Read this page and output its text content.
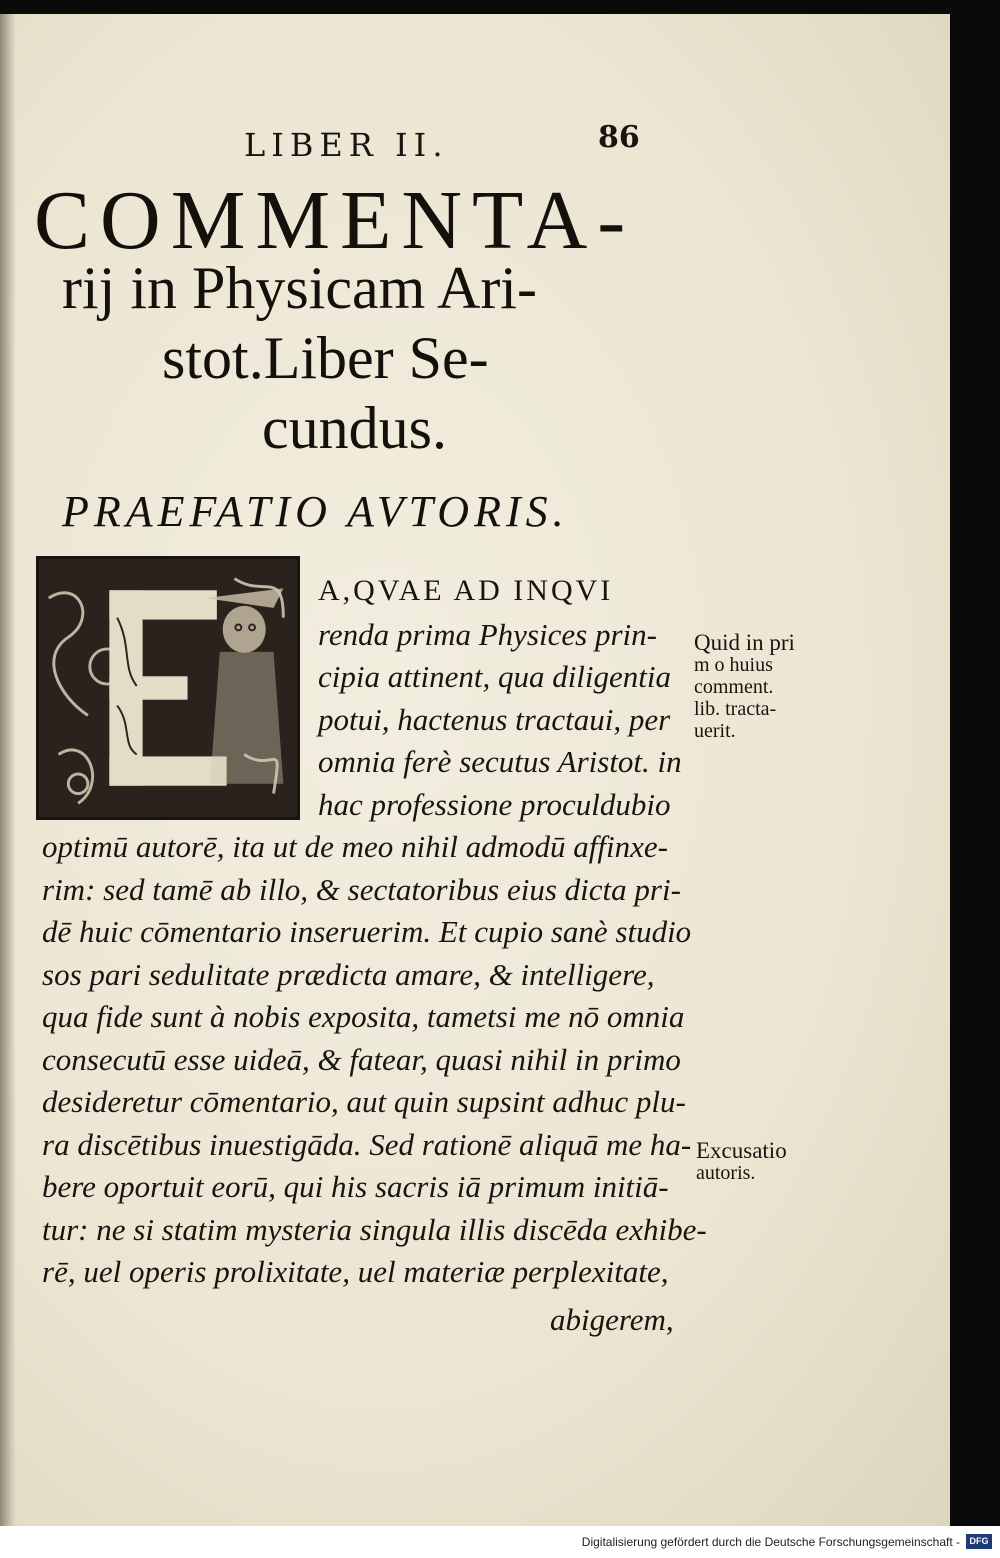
LIBER II.	86
COMMENTA-
rij in Physicam Ari-
stot.Liber Se-
cundus.
PRAEFATIO AVTORIS.
A,QVAE AD INQVI
renda prima Physices prin-
cipia attinent, qua diligentia
potui, hactenus tractaui, per
omnia ferè secutus Aristot. in
hac professione proculdubio
optimū autorē, ita ut de meo nihil admodū affinxe-
rim: sed tamē ab illo, & sectatoribus eius dicta pri-
dē huic cōmentario inseruerim. Et cupio sanè studio
sos pari sedulitate prædicta amare, & intelligere,
qua fide sunt à nobis exposita, tametsi me nō omnia
consecutū esse uideā, & fatear, quasi nihil in primo
desideretur cōmentario, aut quin supsint adhuc plu-
ra discētibus inuestigāda. Sed rationē aliquā me ha-
bere oportuit eorū, qui his sacris iā primum initiā-
tur: ne si statim mysteria singula illis discēda exhibe-
rē, uel operis prolixitate, uel materiæ perplexitate,
abigerem,
Quid in pri
m o huius
comment.
lib. tracta-
uerit.
Excusatio
autoris.
Digitalisierung gefördert durch die Deutsche Forschungsgemeinschaft -	DFG
